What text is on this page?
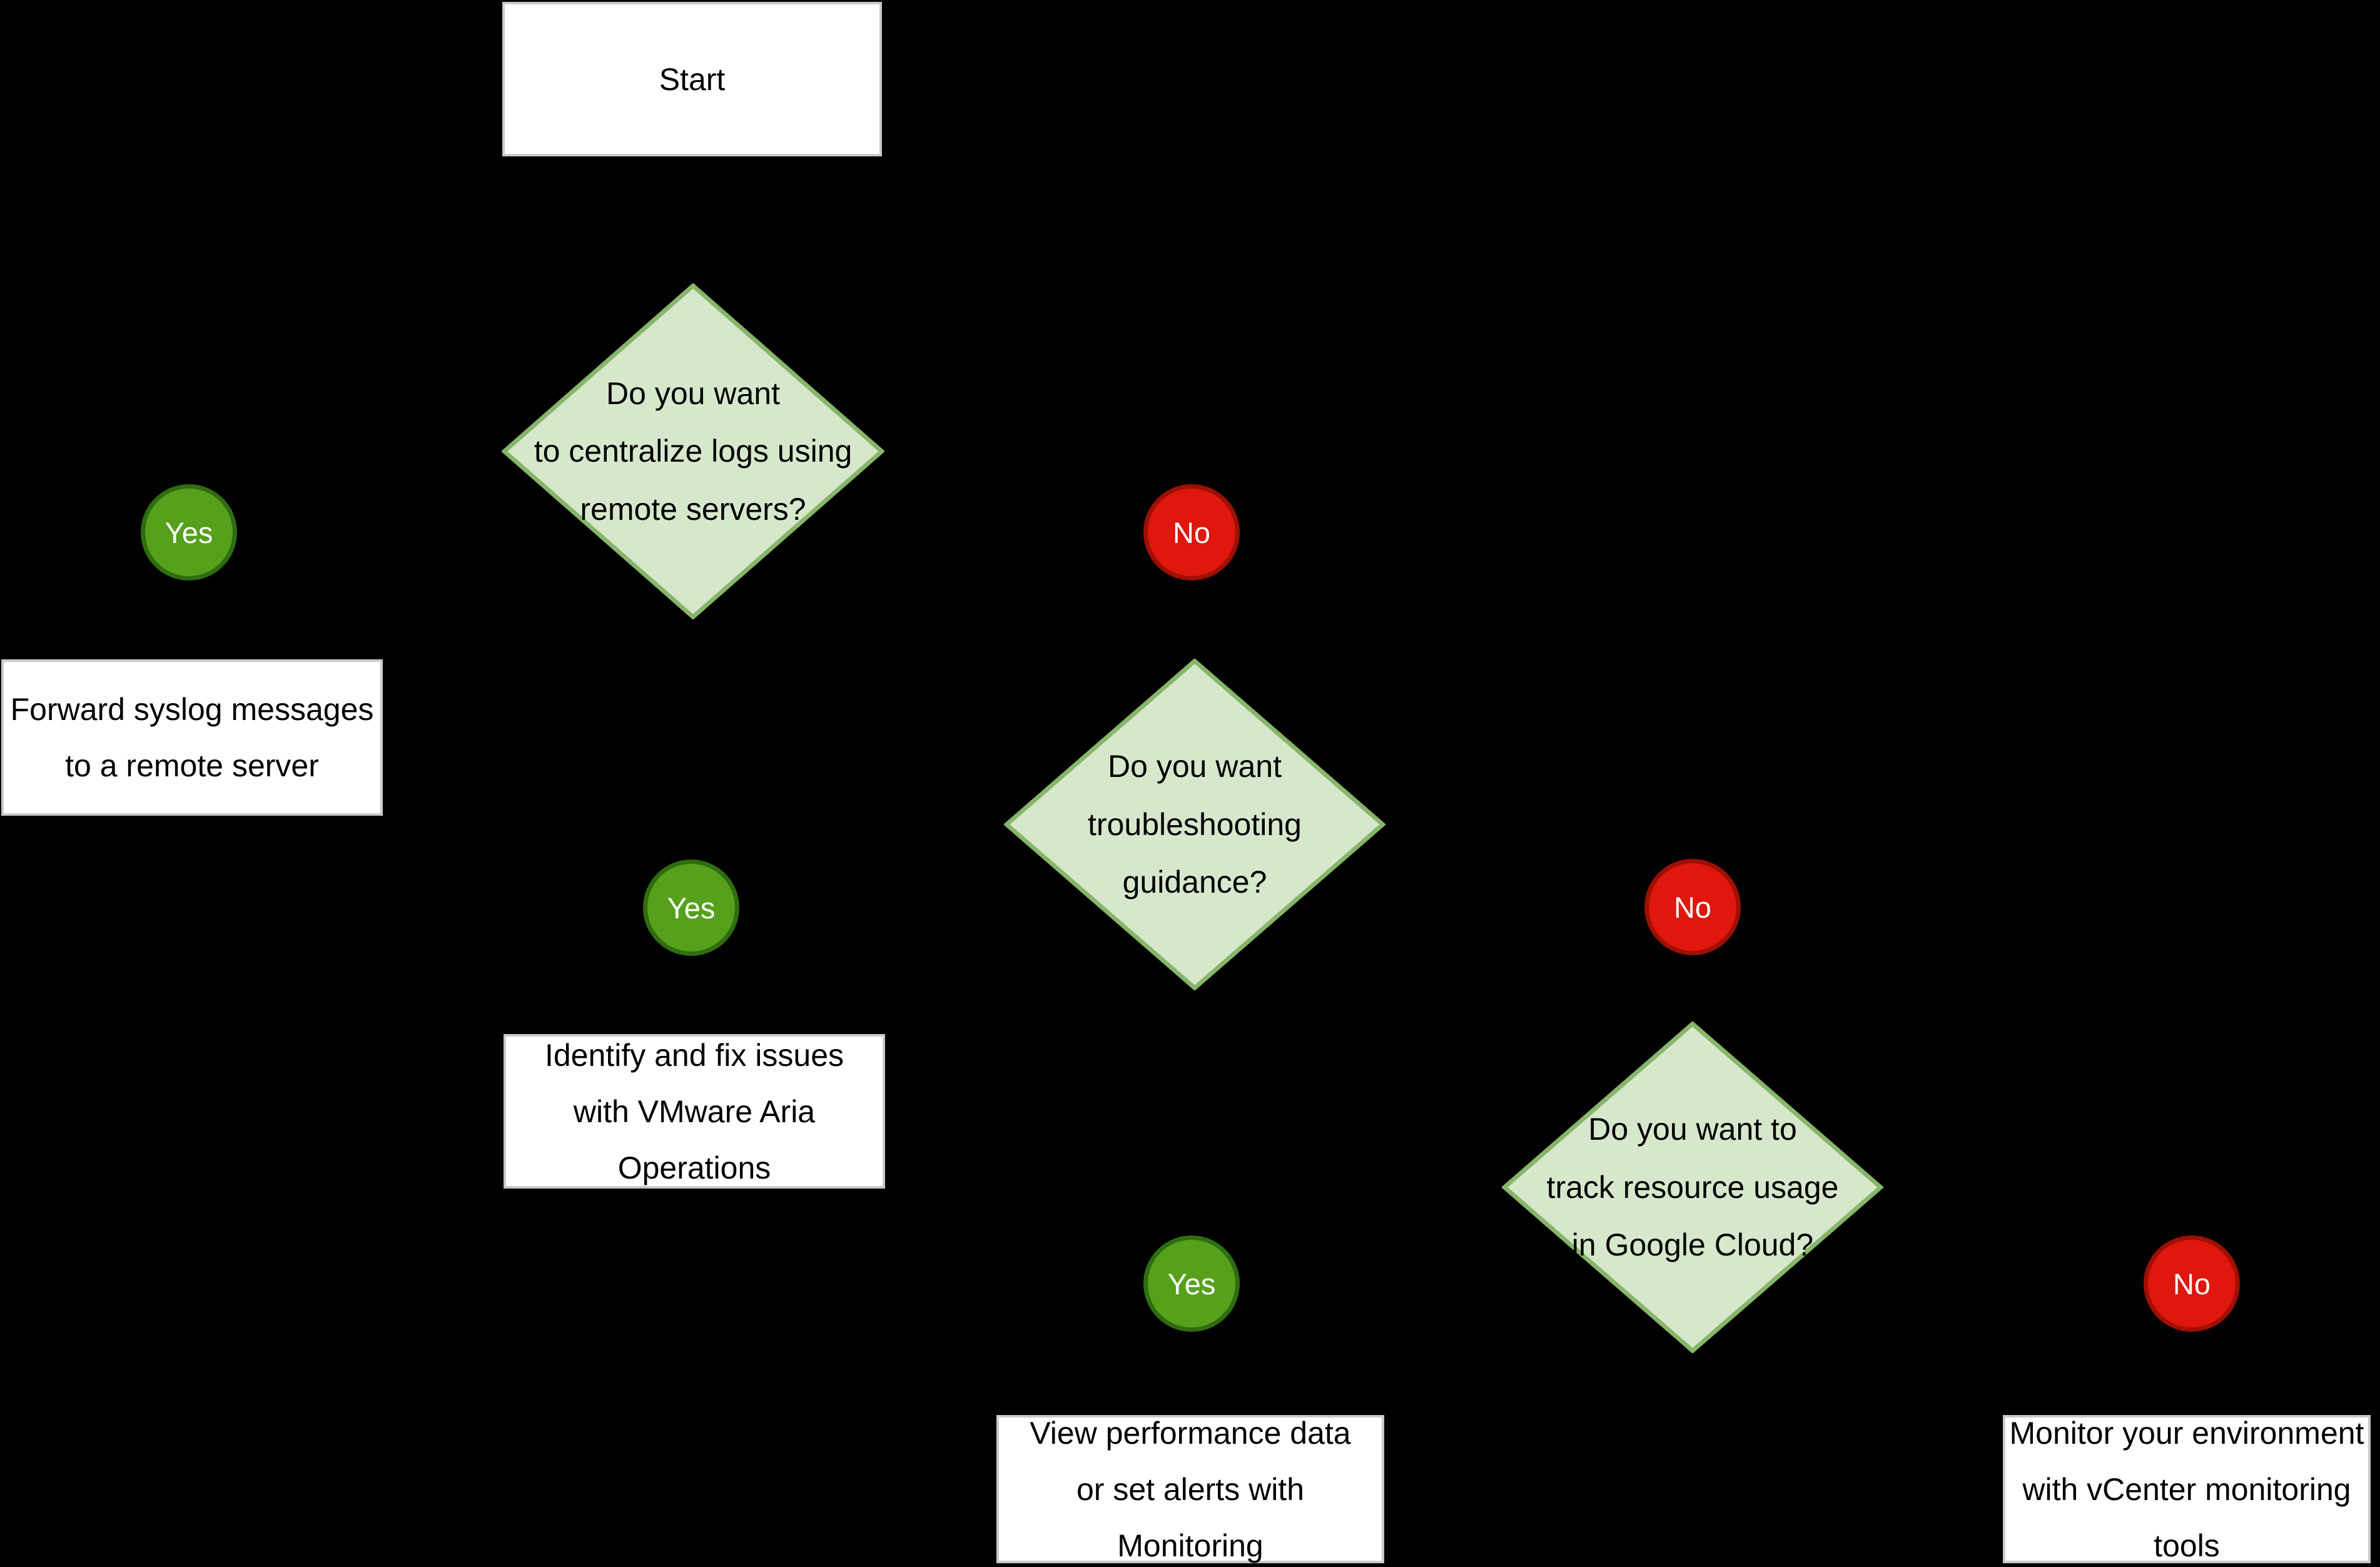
Start
Do you want
to centralize logs using
remote servers?
Yes	No
Forward syslog messages
to a remote server	Do you want
troubleshooting
guidance?
Yes	No
Identify and fix issues
with VMware Aria
Operations
Do you want to
track resource usage
in Google Cloud?
Yes	No
View performance data
or set alerts with
Monitoring
Monitor your environment
with vCenter monitoring
tools
